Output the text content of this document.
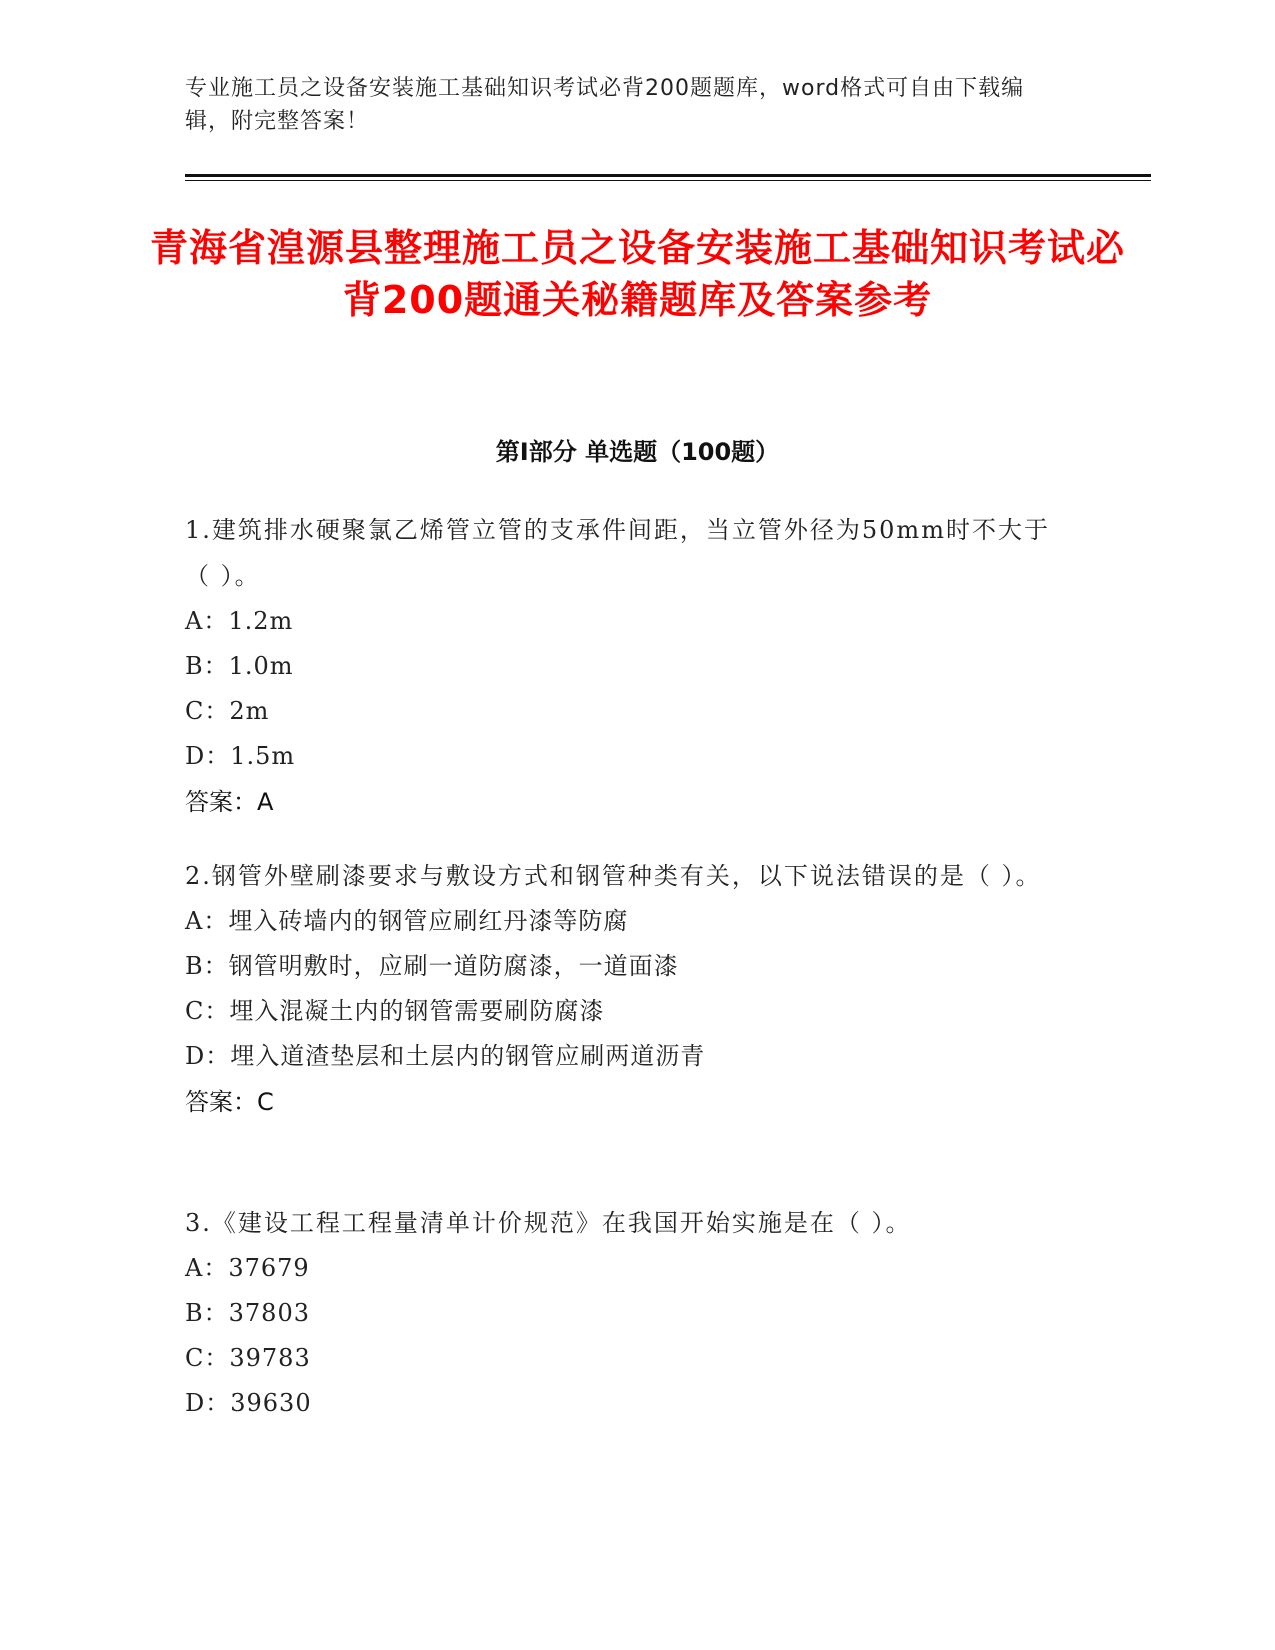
专业施工员之设备安装施工基础知识考试必背200题题库，word格式可自由下载编辑，附完整答案！
青海省湟源县整理施工员之设备安装施工基础知识考试必背200题通关秘籍题库及答案参考
第I部分 单选题（100题）
1.建筑排水硬聚氯乙烯管立管的支承件间距，当立管外径为50mm时不大于（ ）。
A：1.2m
B：1.0m
C：2m
D：1.5m
答案：A
2.钢管外壁刷漆要求与敷设方式和钢管种类有关，以下说法错误的是（ ）。
A：埋入砖墙内的钢管应刷红丹漆等防腐
B：钢管明敷时，应刷一道防腐漆，一道面漆
C：埋入混凝土内的钢管需要刷防腐漆
D：埋入道渣垫层和土层内的钢管应刷两道沥青
答案：C
3.《建设工程工程量清单计价规范》在我国开始实施是在（ ）。
A：37679
B：37803
C：39783
D：39630
